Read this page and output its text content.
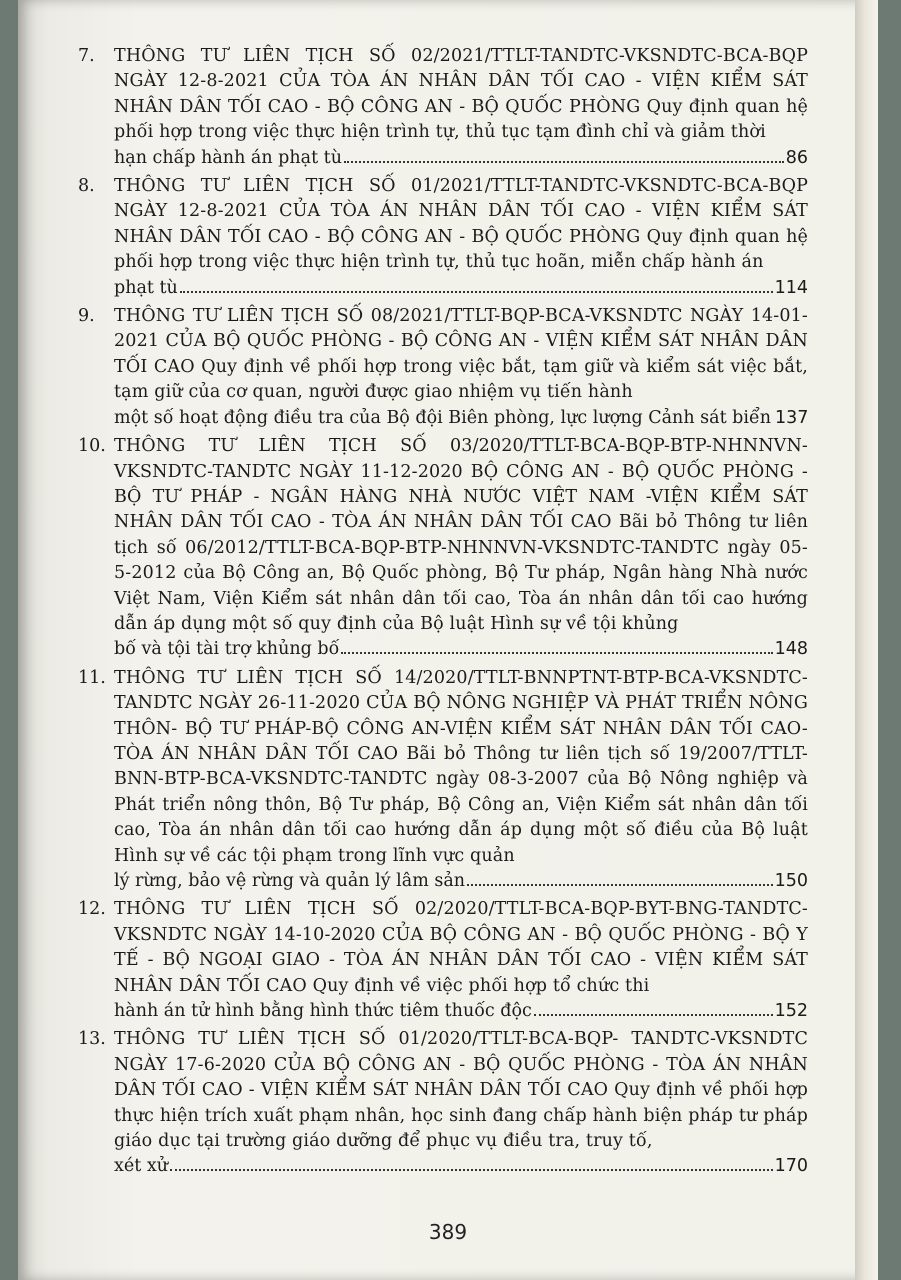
7. THÔNG TƯ LIÊN TỊCH SỐ 02/2021/TTLT-TANDTC-VKSNDTC-BCA-BQP NGÀY 12-8-2021 CỦA TÒA ÁN NHÂN DÂN TỐI CAO - VIỆN KIỂM SÁT NHÂN DÂN TỐI CAO - BỘ CÔNG AN - BỘ QUỐC PHÒNG Quy định quan hệ phối hợp trong việc thực hiện trình tự, thủ tục tạm đình chỉ và giảm thời
hạn chấp hành án phạt tù	86
8. THÔNG TƯ LIÊN TỊCH SỐ 01/2021/TTLT-TANDTC-VKSNDTC-BCA-BQP NGÀY 12-8-2021 CỦA TÒA ÁN NHÂN DÂN TỐI CAO - VIỆN KIỂM SÁT NHÂN DÂN TỐI CAO - BỘ CÔNG AN - BỘ QUỐC PHÒNG Quy định quan hệ phối hợp trong việc thực hiện trình tự, thủ tục hoãn, miễn chấp hành án
phạt tù	114
9. THÔNG TƯ LIÊN TỊCH SỐ 08/2021/TTLT-BQP-BCA-VKSNDTC NGÀY 14-01-2021 CỦA BỘ QUỐC PHÒNG - BỘ CÔNG AN - VIỆN KIỂM SÁT NHÂN DÂN TỐI CAO Quy định về phối hợp trong việc bắt, tạm giữ và kiểm sát việc bắt, tạm giữ của cơ quan, người được giao nhiệm vụ tiến hành
một số hoạt động điều tra của Bộ đội Biên phòng, lực lượng Cảnh sát biển 137
10. THÔNG TƯ LIÊN TỊCH SỐ 03/2020/TTLT-BCA-BQP-BTP-NHNNVN-VKSNDTC-TANDTC NGÀY 11-12-2020 BỘ CÔNG AN - BỘ QUỐC PHÒNG - BỘ TƯ PHÁP - NGÂN HÀNG NHÀ NƯỚC VIỆT NAM -VIỆN KIỂM SÁT NHÂN DÂN TỐI CAO - TÒA ÁN NHÂN DÂN TỐI CAO Bãi bỏ Thông tư liên tịch số 06/2012/TTLT-BCA-BQP-BTP-NHNNVN-VKSNDTC-TANDTC ngày 05-5-2012 của Bộ Công an, Bộ Quốc phòng, Bộ Tư pháp, Ngân hàng Nhà nước Việt Nam, Viện Kiểm sát nhân dân tối cao, Tòa án nhân dân tối cao hướng dẫn áp dụng một số quy định của Bộ luật Hình sự về tội khủng
bố và tội tài trợ khủng bố	148
11. THÔNG TƯ LIÊN TỊCH SỐ 14/2020/TTLT-BNNPTNT-BTP-BCA-VKSNDTC-TANDTC NGÀY 26-11-2020 CỦA BỘ NÔNG NGHIỆP VÀ PHÁT TRIỂN NÔNG THÔN- BỘ TƯ PHÁP-BỘ CÔNG AN-VIỆN KIỂM SÁT NHÂN DÂN TỐI CAO-TÒA ÁN NHÂN DÂN TỐI CAO Bãi bỏ Thông tư liên tịch số 19/2007/TTLT-BNN-BTP-BCA-VKSNDTC-TANDTC ngày 08-3-2007 của Bộ Nông nghiệp và Phát triển nông thôn, Bộ Tư pháp, Bộ Công an, Viện Kiểm sát nhân dân tối cao, Tòa án nhân dân tối cao hướng dẫn áp dụng một số điều của Bộ luật Hình sự về các tội phạm trong lĩnh vực quản
lý rừng, bảo vệ rừng và quản lý lâm sản	150
12. THÔNG TƯ LIÊN TỊCH SỐ 02/2020/TTLT-BCA-BQP-BYT-BNG-TANDTC-VKSNDTC NGÀY 14-10-2020 CỦA BỘ CÔNG AN - BỘ QUỐC PHÒNG - BỘ Y TẾ - BỘ NGOẠI GIAO - TÒA ÁN NHÂN DÂN TỐI CAO - VIỆN KIỂM SÁT NHÂN DÂN TỐI CAO Quy định về việc phối hợp tổ chức thi
hành án tử hình bằng hình thức tiêm thuốc độc	152
13. THÔNG TƯ LIÊN TỊCH SỐ 01/2020/TTLT-BCA-BQP- TANDTC-VKSNDTC NGÀY 17-6-2020 CỦA BỘ CÔNG AN - BỘ QUỐC PHÒNG - TÒA ÁN NHÂN DÂN TỐI CAO - VIỆN KIỂM SÁT NHÂN DÂN TỐI CAO Quy định về phối hợp thực hiện trích xuất phạm nhân, học sinh đang chấp hành biện pháp tư pháp giáo dục tại trường giáo dưỡng để phục vụ điều tra, truy tố,
xét xử	170
389
